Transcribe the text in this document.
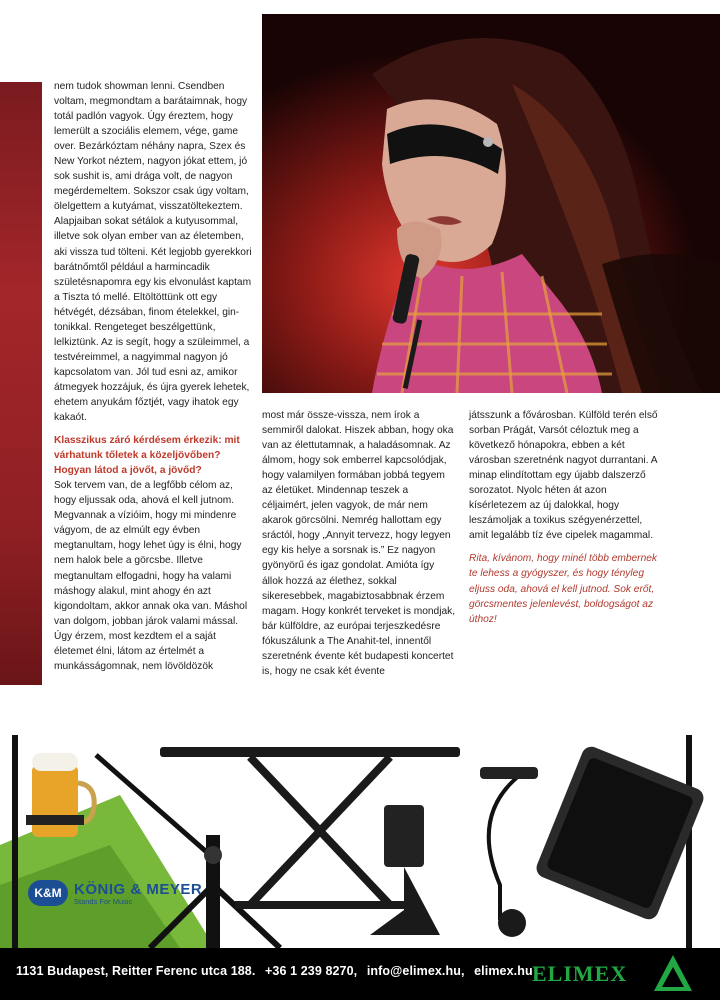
nem tudok showman lenni. Csendben voltam, megmondtam a barátaimnak, hogy totál padlón vagyok. Úgy éreztem, hogy lemerült a szociális elemem, vége, game over. Bezárkóztam néhány napra, Szex és New Yorkot néztem, nagyon jókat ettem, jó sok sushit is, ami drága volt, de nagyon megérdemeltem. Sokszor csak úgy voltam, ölelgettem a kutyámat, visszatöltekeztem. Alapjaiban sokat sétálok a kutyusommal, illetve sok olyan ember van az életemben, aki vissza tud tölteni. Két legjobb gyerekkori barátnőmtől például a harmincadik születésnapomra egy kis elvonulást kaptam a Tiszta tó mellé. Eltöltöttünk ott egy hétvégét, dézsában, finom ételekkel, gin-tonikkal. Rengeteget beszélgettünk, lelkiztünk. Az is segít, hogy a szüleimmel, a testvéreimmel, a nagyimmal nagyon jó kapcsolatom van. Jól tud esni az, amikor átmegyek hozzájuk, és újra gyerek lehetek, ehetem anyukám főztjét, vagy ihatok egy kakaót.

Klasszikus záró kérdésem érkezik: mit várhatunk tőletek a közeljövőben? Hogyan látod a jövőt, a jövőd?

Sok tervem van, de a legfőbb célom az, hogy eljussak oda, ahová el kell jutnom. Megvannak a vízióim, hogy mi mindenre vágyom, de az elmúlt egy évben megtanultam, hogy lehet úgy is élni, hogy nem halok bele a görcsbe. Illetve megtanultam elfogadni, hogy ha valami máshogy alakul, mint ahogy én azt kigondoltam, akkor annak oka van. Máshol van dolgom, jobban járok valami mással. Úgy érzem, most kezdtem el a saját életemet élni, látom az értelmét a munkásságomnak, nem lövöldözök

most már össze-vissza, nem írok a semmiről dalokat. Hiszek abban, hogy oka van az élettutamnak, a haladásomnak. Az álmom, hogy sok emberrel kapcsolódjak, hogy valamilyen formában jobbá tegyem az életüket. Mindennap teszek a céljaimért, jelen vagyok, de már nem akarok görcsölni. Nemrég hallottam egy sráctól, hogy „Annyit tervezz, hogy legyen egy kis helye a sorsnak is.” Ez nagyon gyönyörű és igaz gondolat. Amióta így állok hozzá az élethez, sokkal sikeresebbek, magabiztosabbnak érzem magam. Hogy konkrét terveket is mondjak, bár külföldre, az európai terjeszkedésre fókuszálunk a The Anahit-tel, innentől szeretnénk évente két budapesti koncertet is, hogy ne csak két évente

játsszunk a fővárosban. Külföld terén első sorban Prágát, Varsót céloztuk meg a következő hónapokra, ebben a két városban szeretnénk nagyot durrantani. A minap elindítottam egy újabb dalszerző sorozatot. Nyolc héten át azon kísérletezem az új dalokkal, hogy leszámoljak a toxikus szégyenérzettel, amit legalább tíz éve cipelek magammal.

Rita, kívánom, hogy minél több embernek te lehess a gyógyszer, és hogy tényleg eljuss oda, ahová el kell jutnod. Sok erőt, görcsmentes jelenlevést, boldogságot az úthoz!

K&M KÖNIG & MEYER
Stands For Music
1131 Budapest, Reitter Ferenc utca 188. +36 1 239 8270, info@elimex.hu, elimex.hu ELIMEX
